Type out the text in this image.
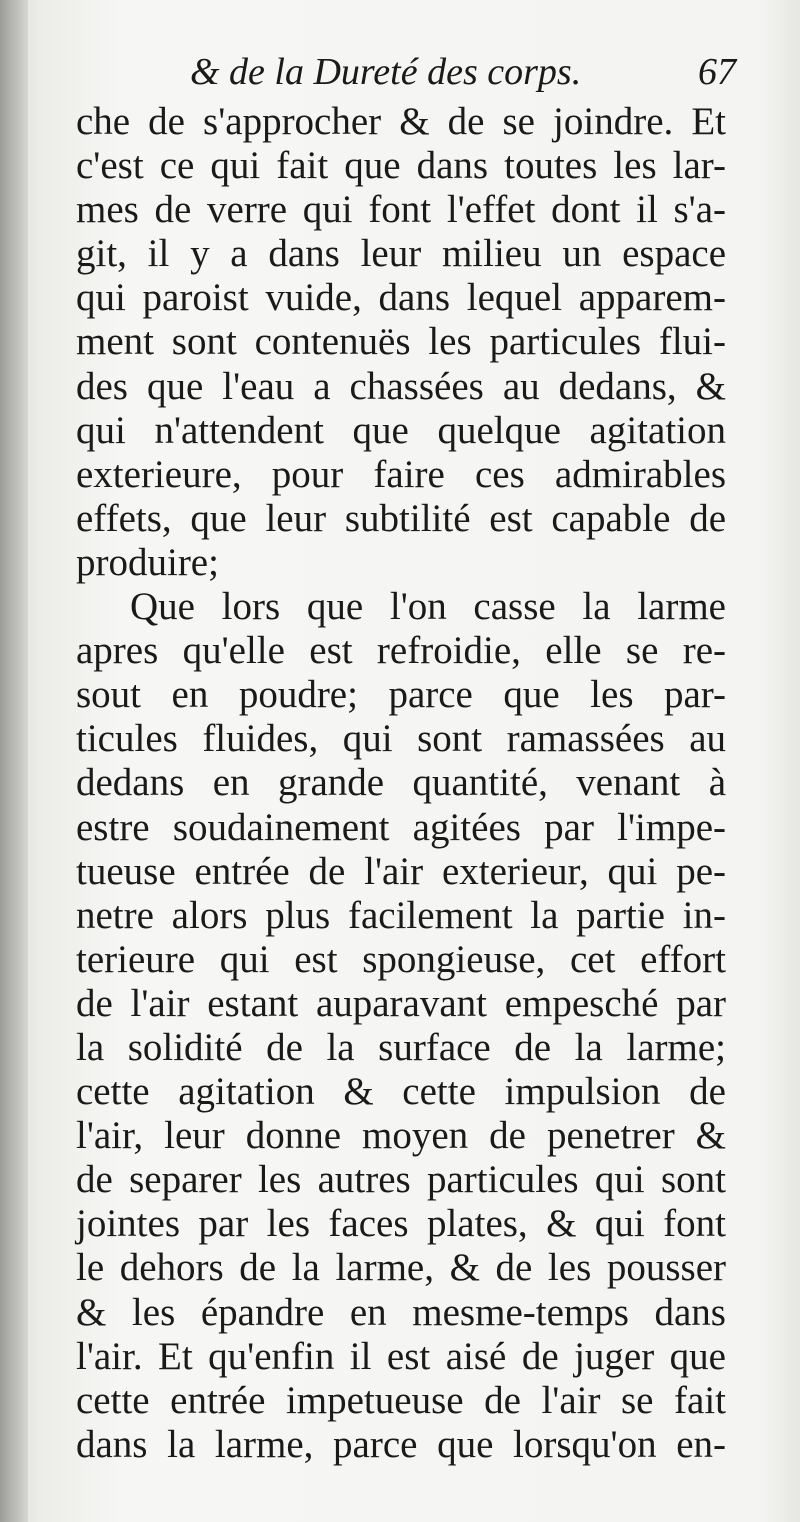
& de la Dureté des corps.	67
che de s'approcher & de se joindre. Et
c'est ce qui fait que dans toutes les lar-
mes de verre qui font l'effet dont il s'a-
git, il y a dans leur milieu un espace
qui paroist vuide, dans lequel apparem-
ment sont contenuës les particules flui-
des que l'eau a chassées au dedans, &
qui n'attendent que quelque agitation
exterieure, pour faire ces admirables
effets, que leur subtilité est capable de
produire;
Que lors que l'on casse la larme
apres qu'elle est refroidie, elle se re-
sout en poudre; parce que les par-
ticules fluides, qui sont ramassées au
dedans en grande quantité, venant à
estre soudainement agitées par l'impe-
tueuse entrée de l'air exterieur, qui pe-
netre alors plus facilement la partie in-
terieure qui est spongieuse, cet effort
de l'air estant auparavant empesché par
la solidité de la surface de la larme;
cette agitation & cette impulsion de
l'air, leur donne moyen de penetrer &
de separer les autres particules qui sont
jointes par les faces plates, & qui font
le dehors de la larme, & de les pousser
& les épandre en mesme-temps dans
l'air. Et qu'enfin il est aisé de juger que
cette entrée impetueuse de l'air se fait
dans la larme, parce que lorsqu'on en-
